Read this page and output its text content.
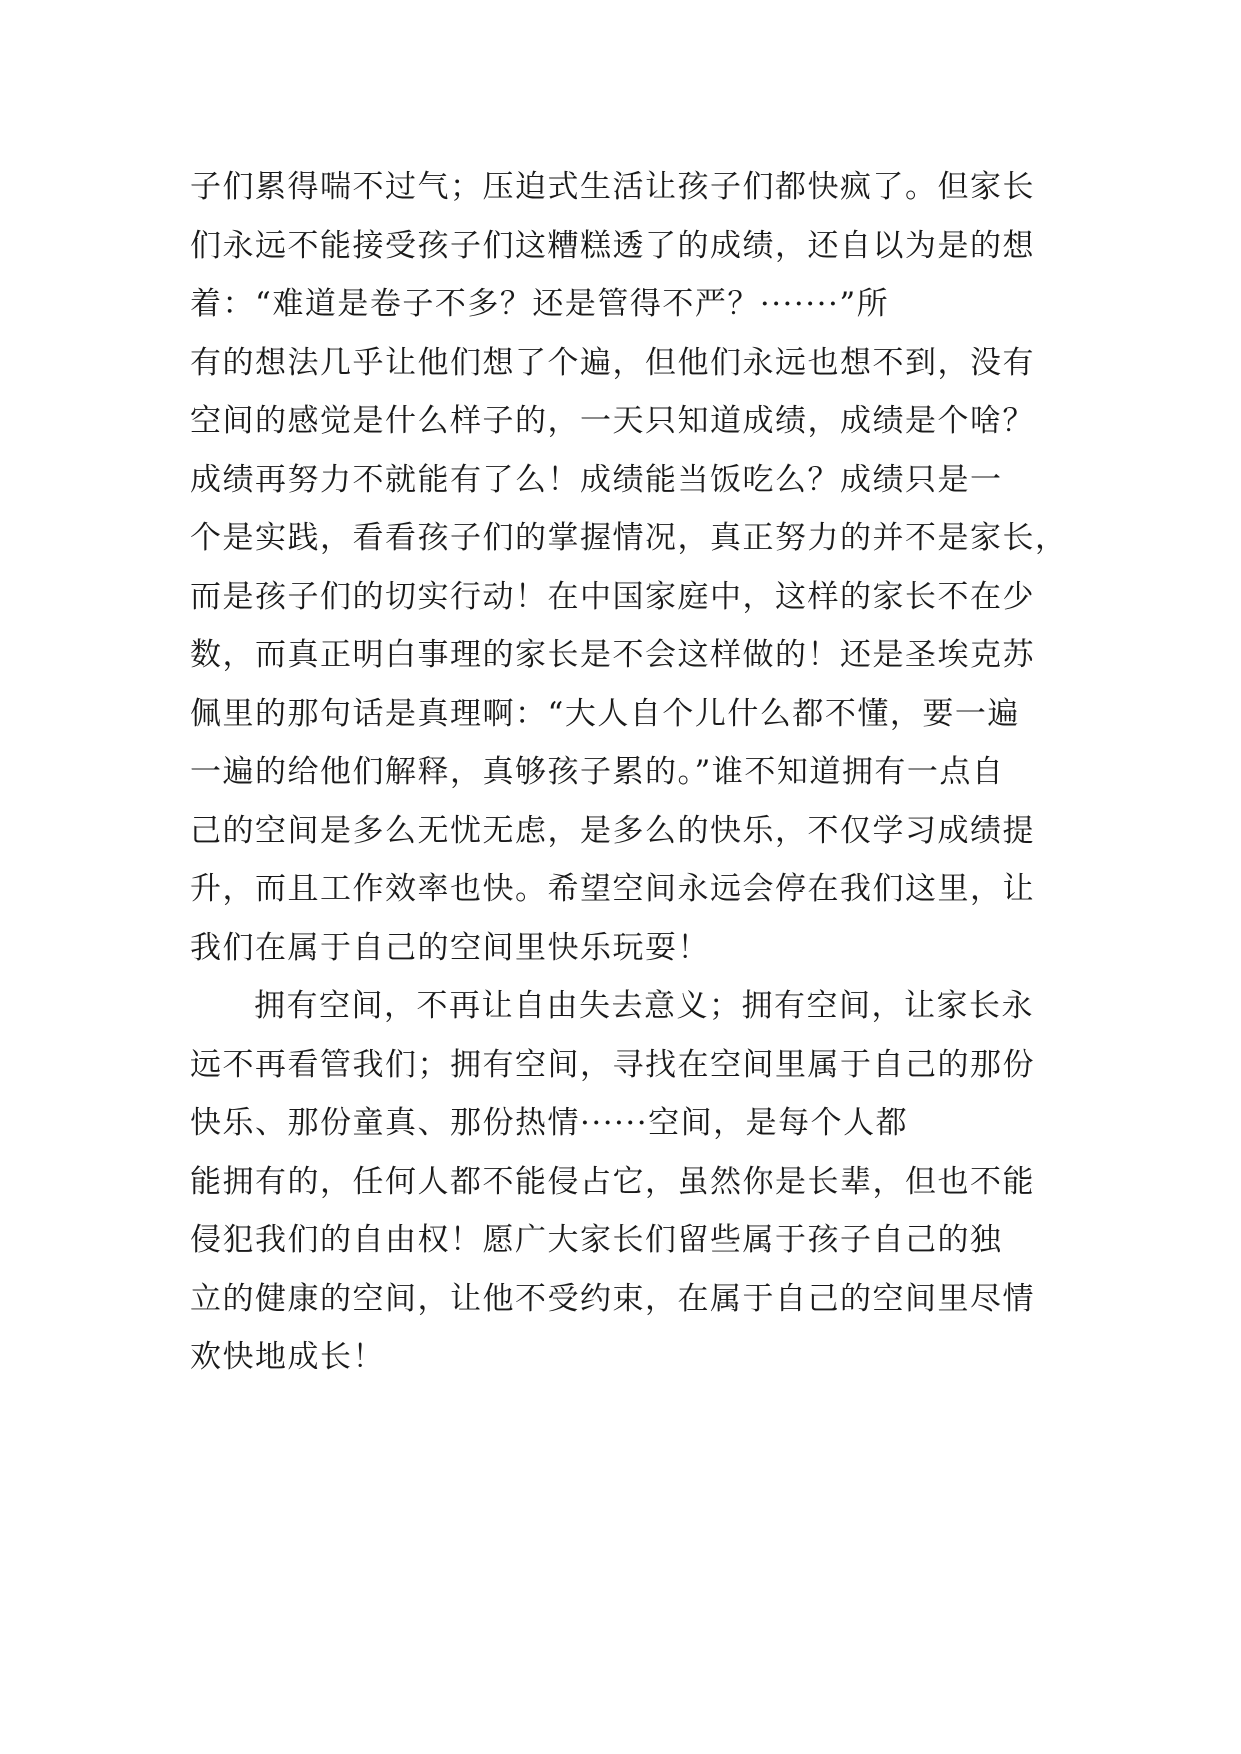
子们累得喘不过气；压迫式生活让孩子们都快疯了。但家长
们永远不能接受孩子们这糟糕透了的成绩，还自以为是的想
着：“难道是卷子不多？还是管得不严？·······”所
有的想法几乎让他们想了个遍，但他们永远也想不到，没有
空间的感觉是什么样子的，一天只知道成绩，成绩是个啥？
成绩再努力不就能有了么！成绩能当饭吃么？成绩只是一
个是实践，看看孩子们的掌握情况，真正努力的并不是家长，
而是孩子们的切实行动！在中国家庭中，这样的家长不在少
数，而真正明白事理的家长是不会这样做的！还是圣埃克苏
佩里的那句话是真理啊：“大人自个儿什么都不懂，要一遍
一遍的给他们解释，真够孩子累的。”谁不知道拥有一点自
己的空间是多么无忧无虑，是多么的快乐，不仅学习成绩提
升，而且工作效率也快。希望空间永远会停在我们这里，让
我们在属于自己的空间里快乐玩耍！
拥有空间，不再让自由失去意义；拥有空间，让家长永
远不再看管我们；拥有空间，寻找在空间里属于自己的那份
快乐、那份童真、那份热情······空间，是每个人都
能拥有的，任何人都不能侵占它，虽然你是长辈，但也不能
侵犯我们的自由权！愿广大家长们留些属于孩子自己的独
立的健康的空间，让他不受约束，在属于自己的空间里尽情
欢快地成长！
